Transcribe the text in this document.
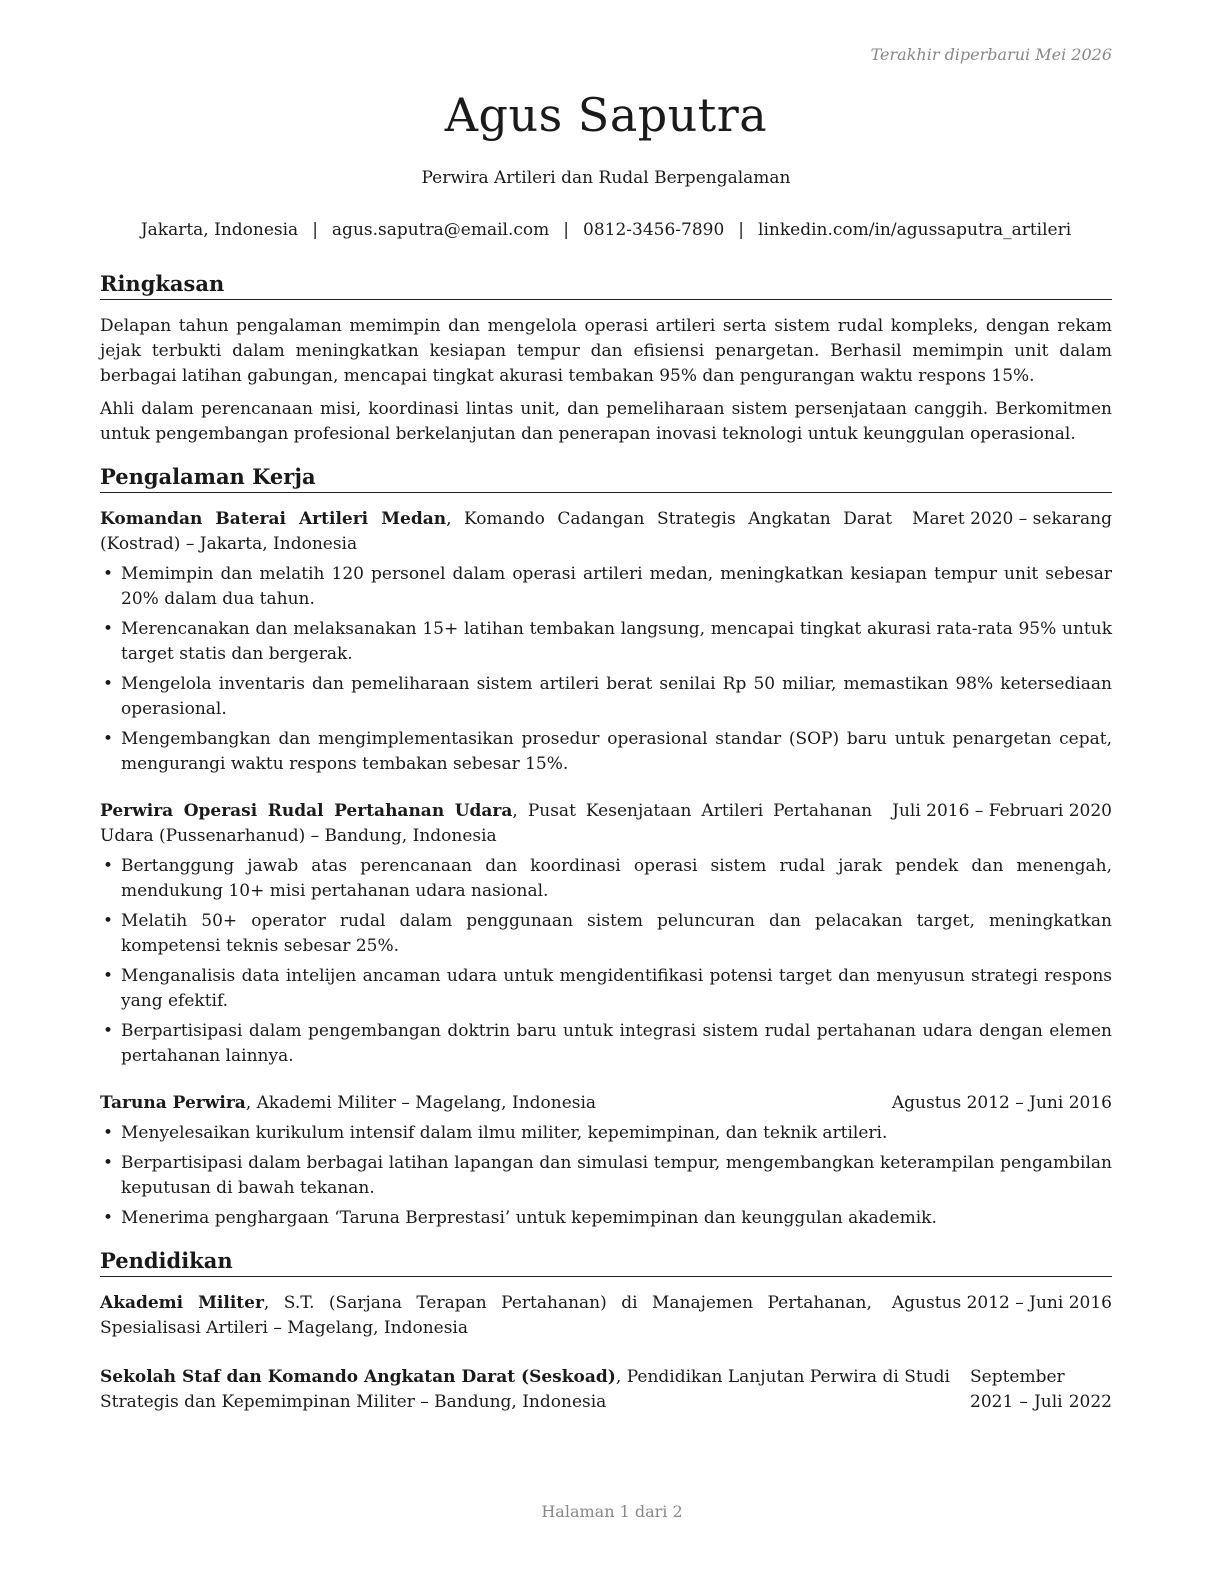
Terakhir diperbarui Mei 2026
Agus Saputra
Perwira Artileri dan Rudal Berpengalaman
Jakarta, Indonesia | agus.saputra@email.com | 0812-3456-7890 | linkedin.com/in/agussaputra_artileri
Ringkasan

Delapan tahun pengalaman memimpin dan mengelola operasi artileri serta sistem rudal kompleks, dengan rekam jejak terbukti dalam meningkatkan kesiapan tempur dan efisiensi penargetan. Berhasil memimpin unit dalam berbagai latihan gabungan, mencapai tingkat akurasi tembakan 95% dan pengurangan waktu respons 15%.

Ahli dalam perencanaan misi, koordinasi lintas unit, dan pemeliharaan sistem persenjataan canggih. Berkomitmen untuk pengembangan profesional berkelanjutan dan penerapan inovasi teknologi untuk keunggulan operasional.

Pengalaman Kerja
Komandan Baterai Artileri Medan, Komando Cadangan Strategis Angkatan Darat (Kostrad) – Jakarta, Indonesia
Maret 2020 – sekarang
• Memimpin dan melatih 120 personel dalam operasi artileri medan, meningkatkan kesiapan tempur unit sebesar 20% dalam dua tahun.
• Merencanakan dan melaksanakan 15+ latihan tembakan langsung, mencapai tingkat akurasi rata-rata 95% untuk target statis dan bergerak.
• Mengelola inventaris dan pemeliharaan sistem artileri berat senilai Rp 50 miliar, memastikan 98% ketersediaan operasional.
• Mengembangkan dan mengimplementasikan prosedur operasional standar (SOP) baru untuk penargetan cepat, mengurangi waktu respons tembakan sebesar 15%.
Perwira Operasi Rudal Pertahanan Udara, Pusat Kesenjataan Artileri Pertahanan Udara (Pussenarhanud) – Bandung, Indonesia
Juli 2016 – Februari 2020
• Bertanggung jawab atas perencanaan dan koordinasi operasi sistem rudal jarak pendek dan menengah, mendukung 10+ misi pertahanan udara nasional.
• Melatih 50+ operator rudal dalam penggunaan sistem peluncuran dan pelacakan target, meningkatkan kompetensi teknis sebesar 25%.
• Menganalisis data intelijen ancaman udara untuk mengidentifikasi potensi target dan menyusun strategi respons yang efektif.
• Berpartisipasi dalam pengembangan doktrin baru untuk integrasi sistem rudal pertahanan udara dengan elemen pertahanan lainnya.
Taruna Perwira, Akademi Militer – Magelang, Indonesia	Agustus 2012 – Juni 2016
• Menyelesaikan kurikulum intensif dalam ilmu militer, kepemimpinan, dan teknik artileri.
• Berpartisipasi dalam berbagai latihan lapangan dan simulasi tempur, mengembangkan keterampilan pengambilan keputusan di bawah tekanan.
• Menerima penghargaan ‘Taruna Berprestasi’ untuk kepemimpinan dan keunggulan akademik.
Pendidikan
Akademi Militer, S.T. (Sarjana Terapan Pertahanan) di Manajemen Pertahanan, Spesialisasi Artileri – Magelang, Indonesia
Agustus 2012 – Juni 2016
Sekolah Staf dan Komando Angkatan Darat (Seskoad), Pendidikan Lanjutan Perwira di Studi Strategis dan Kepemimpinan Militer – Bandung, Indonesia
September 2021 – Juli 2022
Halaman 1 dari 2
